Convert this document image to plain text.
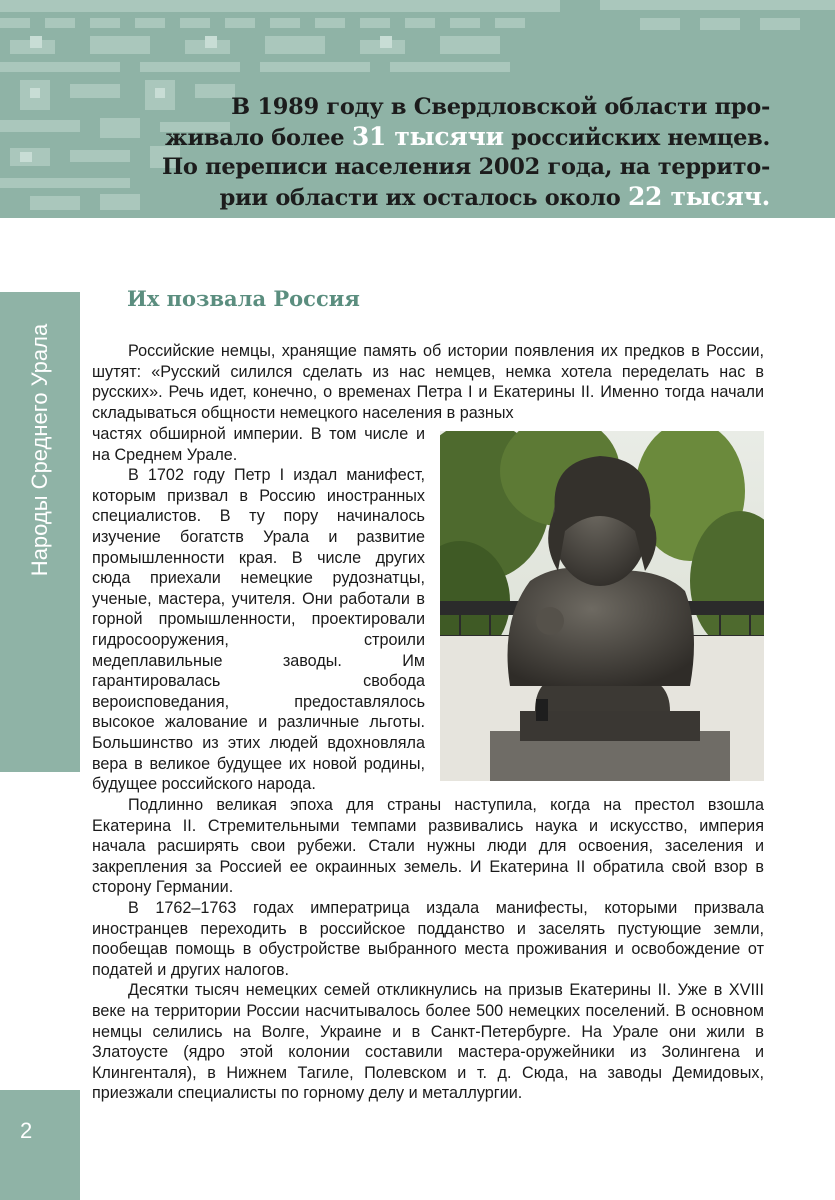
В 1989 году в Свердловской области про-
живало более 31 тысячи российских немцев.
По переписи населения 2002 года, на террито-
рии области их осталось около 22 тысяч.
Народы Среднего Урала
2
Их позвала Россия

Российские немцы, хранящие память об истории появления их предков в России, шутят: «Русский силился сделать из нас немцев, немка хотела переделать нас в русских». Речь идет, конечно, о временах Петра I и Екатерины II. Именно тогда начали складываться общности немецкого населения в разных

частях обширной империи. В том числе и на Среднем Урале.

В 1702 году Петр I издал манифест, которым призвал в Россию иностранных специалистов. В ту пору начиналось изучение богатств Урала и развитие промышленности края. В числе других сюда приехали немецкие рудознатцы, ученые, мастера, учителя. Они работали в горной промышленности, проектировали гидросооружения, строили медеплавильные заводы. Им гарантировалась свобода вероисповедания, предоставлялось высокое жалование и различные льготы. Большинство из этих людей вдохновляла вера в великое будущее их новой родины, будущее российского народа.

Подлинно великая эпоха для страны наступила, когда на престол взошла Екатерина II. Стремительными темпами развивались наука и искусство, империя начала расширять свои рубежи. Стали нужны люди для освоения, заселения и закрепления за Россией ее окраинных земель. И Екатерина II обратила свой взор в сторону Германии.

В 1762–1763 годах императрица издала манифесты, которыми призвала иностранцев переходить в российское подданство и заселять пустующие земли, пообещав помощь в обустройстве выбранного места проживания и освобождение от податей и других налогов.

Десятки тысяч немецких семей откликнулись на призыв Екатерины II. Уже в XVIII веке на территории России насчитывалось более 500 немецких поселений. В основном немцы селились на Волге, Украине и в Санкт-Петербурге. На Урале они жили в Златоусте (ядро этой колонии составили мастера-оружейники из Золингена и Клингенталя), в Нижнем Тагиле, Полевском и т. д. Сюда, на заводы Демидовых, приезжали специалисты по горному делу и металлургии.
